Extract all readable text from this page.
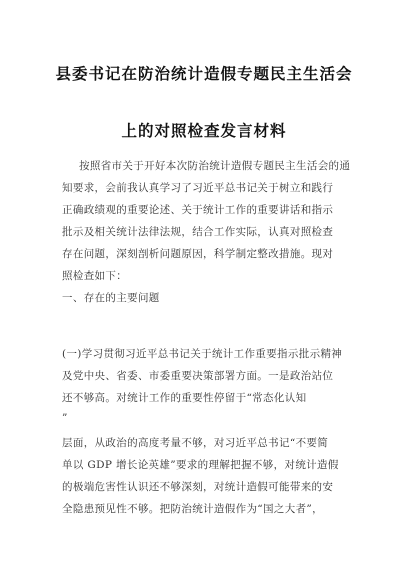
县委书记在防治统计造假专题民主生活会
上的对照检查发言材料
按照省市关于开好本次防治统计造假专题民主生活会的通
知要求，会前我认真学习了习近平总书记关于树立和践行
正确政绩观的重要论述、关于统计工作的重要讲话和指示
批示及相关统计法律法规，结合工作实际，认真对照检查
存在问题，深刻剖析问题原因，科学制定整改措施。现对
照检查如下：
一、存在的主要问题
(一)学习贯彻习近平总书记关于统计工作重要指示批示精神
及党中央、省委、市委重要决策部署方面。一是政治站位
还不够高。对统计工作的重要性停留于“常态化认知
”
层面，从政治的高度考量不够，对习近平总书记“不要简
单以 GDP 增长论英雄”要求的理解把握不够，对统计造假
的极端危害性认识还不够深刻，对统计造假可能带来的安
全隐患预见性不够。把防治统计造假作为“国之大者”，
